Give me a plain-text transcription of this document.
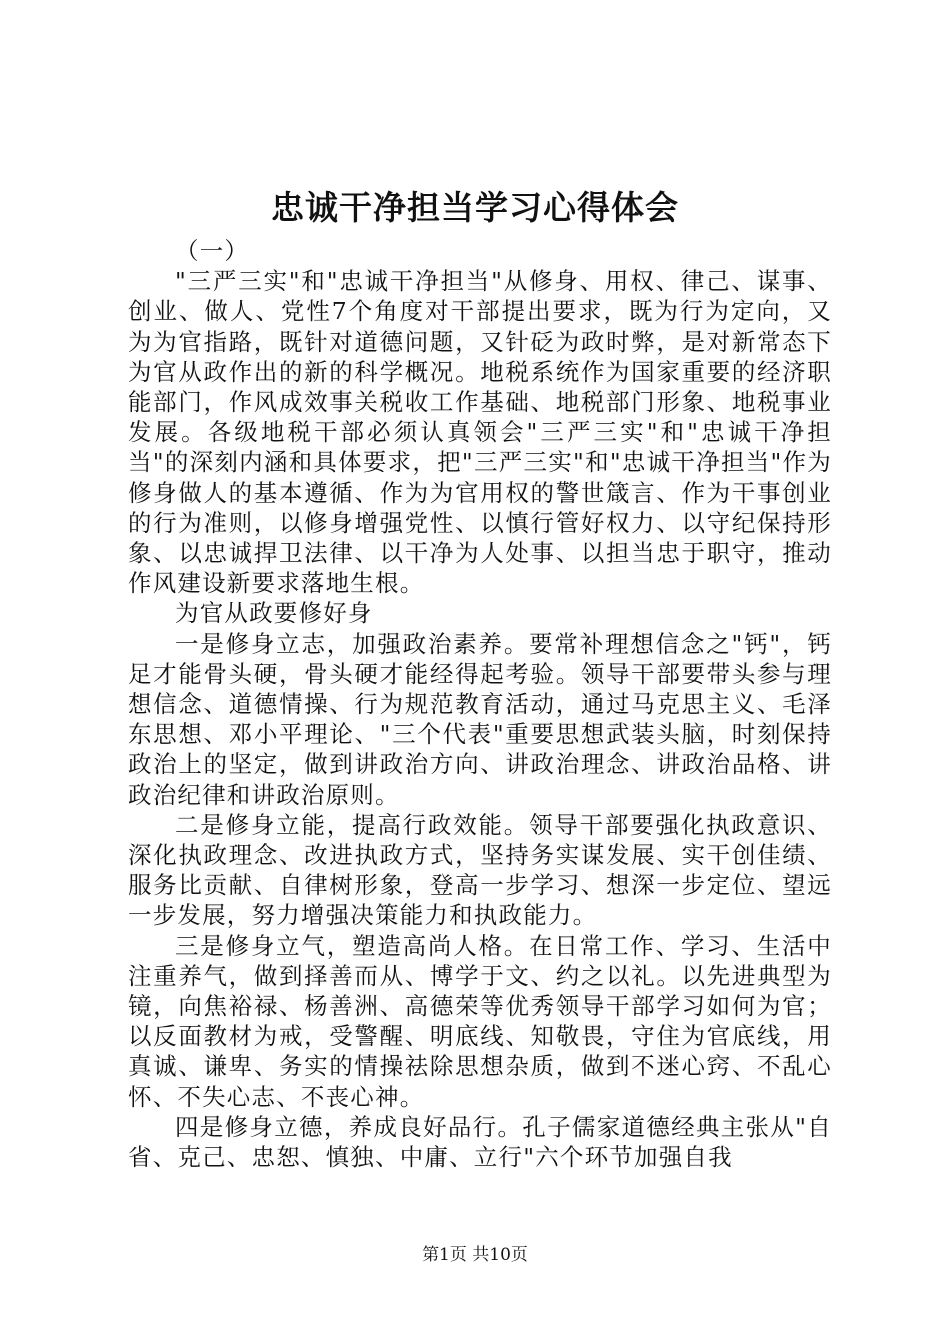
忠诚干净担当学习心得体会

（一）

"三严三实"和"忠诚干净担当"从修身、用权、律己、谋事、创业、做人、党性7个角度对干部提出要求，既为行为定向，又为为官指路，既针对道德问题，又针砭为政时弊，是对新常态下为官从政作出的新的科学概况。地税系统作为国家重要的经济职能部门，作风成效事关税收工作基础、地税部门形象、地税事业发展。各级地税干部必须认真领会"三严三实"和"忠诚干净担当"的深刻内涵和具体要求，把"三严三实"和"忠诚干净担当"作为修身做人的基本遵循、作为为官用权的警世箴言、作为干事创业的行为准则，以修身增强党性、以慎行管好权力、以守纪保持形象、以忠诚捍卫法律、以干净为人处事、以担当忠于职守，推动作风建设新要求落地生根。

为官从政要修好身

一是修身立志，加强政治素养。要常补理想信念之"钙"，钙足才能骨头硬，骨头硬才能经得起考验。领导干部要带头参与理想信念、道德情操、行为规范教育活动，通过马克思主义、毛泽东思想、邓小平理论、"三个代表"重要思想武装头脑，时刻保持政治上的坚定，做到讲政治方向、讲政治理念、讲政治品格、讲政治纪律和讲政治原则。

二是修身立能，提高行政效能。领导干部要强化执政意识、深化执政理念、改进执政方式，坚持务实谋发展、实干创佳绩、服务比贡献、自律树形象，登高一步学习、想深一步定位、望远一步发展，努力增强决策能力和执政能力。

三是修身立气，塑造高尚人格。在日常工作、学习、生活中注重养气，做到择善而从、博学于文、约之以礼。以先进典型为镜，向焦裕禄、杨善洲、高德荣等优秀领导干部学习如何为官；以反面教材为戒，受警醒、明底线、知敬畏，守住为官底线，用真诚、谦卑、务实的情操祛除思想杂质，做到不迷心窍、不乱心怀、不失心志、不丧心神。

四是修身立德，养成良好品行。孔子儒家道德经典主张从"自省、克己、忠恕、慎独、中庸、立行"六个环节加强自我

第1页 共10页
